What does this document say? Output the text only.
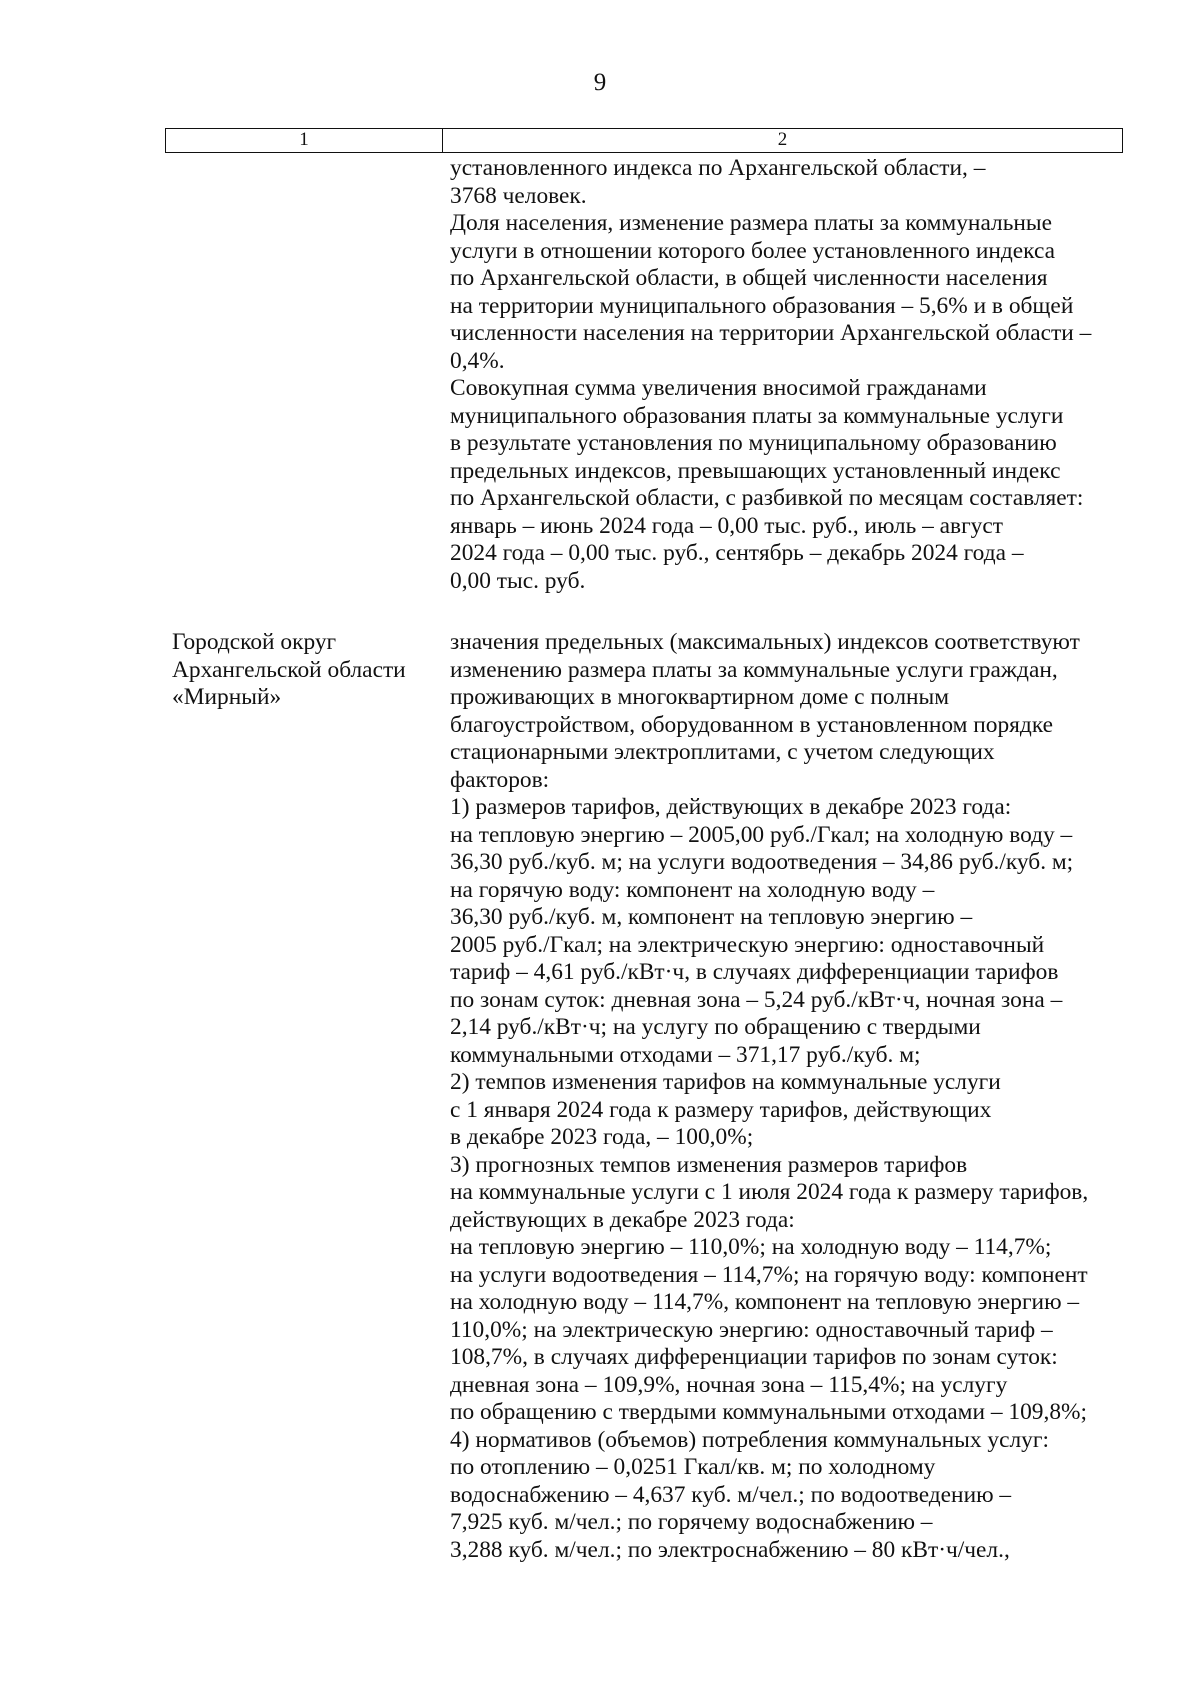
9
1	2
установленного индекса по Архангельской области, –
3768 человек.
Доля населения, изменение размера платы за коммунальные
услуги в отношении которого более установленного индекса
по Архангельской области, в общей численности населения
на территории муниципального образования – 5,6% и в общей
численности населения на территории Архангельской области –
0,4%.
Совокупная сумма увеличения вносимой гражданами
муниципального образования платы за коммунальные услуги
в результате установления по муниципальному образованию
предельных индексов, превышающих установленный индекс
по Архангельской области, с разбивкой по месяцам составляет:
январь – июнь 2024 года – 0,00 тыс. руб., июль – август
2024 года – 0,00 тыс. руб., сентябрь – декабрь 2024 года –
0,00 тыс. руб.
Городской округ
Архангельской области
«Мирный»
значения предельных (максимальных) индексов соответствуют
изменению размера платы за коммунальные услуги граждан,
проживающих в многоквартирном доме с полным
благоустройством, оборудованном в установленном порядке
стационарными электроплитами, с учетом следующих
факторов:
1) размеров тарифов, действующих в декабре 2023 года:
на тепловую энергию – 2005,00 руб./Гкал; на холодную воду –
36,30 руб./куб. м; на услуги водоотведения – 34,86 руб./куб. м;
на горячую воду: компонент на холодную воду –
36,30 руб./куб. м, компонент на тепловую энергию –
2005 руб./Гкал; на электрическую энергию: одноставочный
тариф – 4,61 руб./кВт·ч, в случаях дифференциации тарифов
по зонам суток: дневная зона – 5,24 руб./кВт·ч, ночная зона –
2,14 руб./кВт·ч; на услугу по обращению с твердыми
коммунальными отходами – 371,17 руб./куб. м;
2) темпов изменения тарифов на коммунальные услуги
с 1 января 2024 года к размеру тарифов, действующих
в декабре 2023 года, – 100,0%;
3) прогнозных темпов изменения размеров тарифов
на коммунальные услуги с 1 июля 2024 года к размеру тарифов,
действующих в декабре 2023 года:
на тепловую энергию – 110,0%; на холодную воду – 114,7%;
на услуги водоотведения – 114,7%; на горячую воду: компонент
на холодную воду – 114,7%, компонент на тепловую энергию –
110,0%; на электрическую энергию: одноставочный тариф –
108,7%, в случаях дифференциации тарифов по зонам суток:
дневная зона – 109,9%, ночная зона – 115,4%; на услугу
по обращению с твердыми коммунальными отходами – 109,8%;
4) нормативов (объемов) потребления коммунальных услуг:
по отоплению – 0,0251 Гкал/кв. м; по холодному
водоснабжению – 4,637 куб. м/чел.; по водоотведению –
7,925 куб. м/чел.; по горячему водоснабжению –
3,288 куб. м/чел.; по электроснабжению – 80 кВт·ч/чел.,
